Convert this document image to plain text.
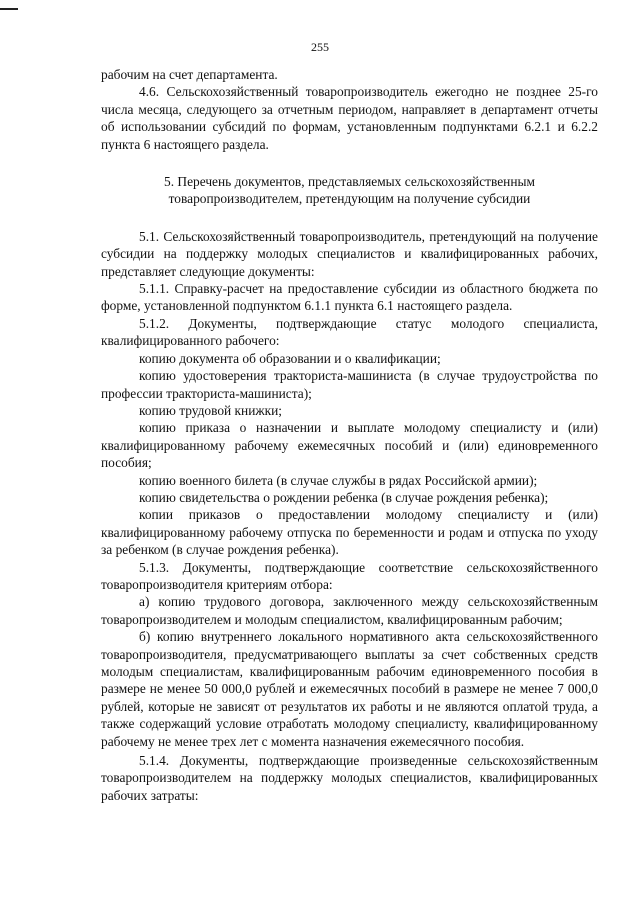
255

рабочим на счет департамента.

4.6. Сельскохозяйственный товаропроизводитель ежегодно не позднее 25-го числа месяца, следующего за отчетным периодом, направляет в департамент отчеты об использовании субсидий по формам, установленным подпунктами 6.2.1 и 6.2.2 пункта 6 настоящего раздела.

5. Перечень документов, представляемых сельскохозяйственным товаропроизводителем, претендующим на получение субсидии

5.1. Сельскохозяйственный товаропроизводитель, претендующий на получение субсидии на поддержку молодых специалистов и квалифицированных рабочих, представляет следующие документы:

5.1.1. Справку-расчет на предоставление субсидии из областного бюджета по форме, установленной подпунктом 6.1.1 пункта 6.1 настоящего раздела.

5.1.2. Документы, подтверждающие статус молодого специалиста, квалифицированного рабочего:

копию документа об образовании и о квалификации;

копию удостоверения тракториста-машиниста (в случае трудоустройства по профессии тракториста-машиниста);

копию трудовой книжки;

копию приказа о назначении и выплате молодому специалисту и (или) квалифицированному рабочему ежемесячных пособий и (или) единовременного пособия;

копию военного билета (в случае службы в рядах Российской армии);

копию свидетельства о рождении ребенка (в случае рождения ребенка);

копии приказов о предоставлении молодому специалисту и (или) квалифицированному рабочему отпуска по беременности и родам и отпуска по уходу за ребенком (в случае рождения ребенка).

5.1.3. Документы, подтверждающие соответствие сельскохозяйственного товаропроизводителя критериям отбора:

а) копию трудового договора, заключенного между сельскохозяйственным товаропроизводителем и молодым специалистом, квалифицированным рабочим;

б) копию внутреннего локального нормативного акта сельскохозяйственного товаропроизводителя, предусматривающего выплаты за счет собственных средств молодым специалистам, квалифицированным рабочим единовременного пособия в размере не менее 50 000,0 рублей и ежемесячных пособий в размере не менее 7 000,0 рублей, которые не зависят от результатов их работы и не являются оплатой труда, а также содержащий условие отработать молодому специалисту, квалифицированному рабочему не менее трех лет с момента назначения ежемесячного пособия.

5.1.4. Документы, подтверждающие произведенные сельскохозяйственным товаропроизводителем на поддержку молодых специалистов, квалифицированных рабочих затраты:
